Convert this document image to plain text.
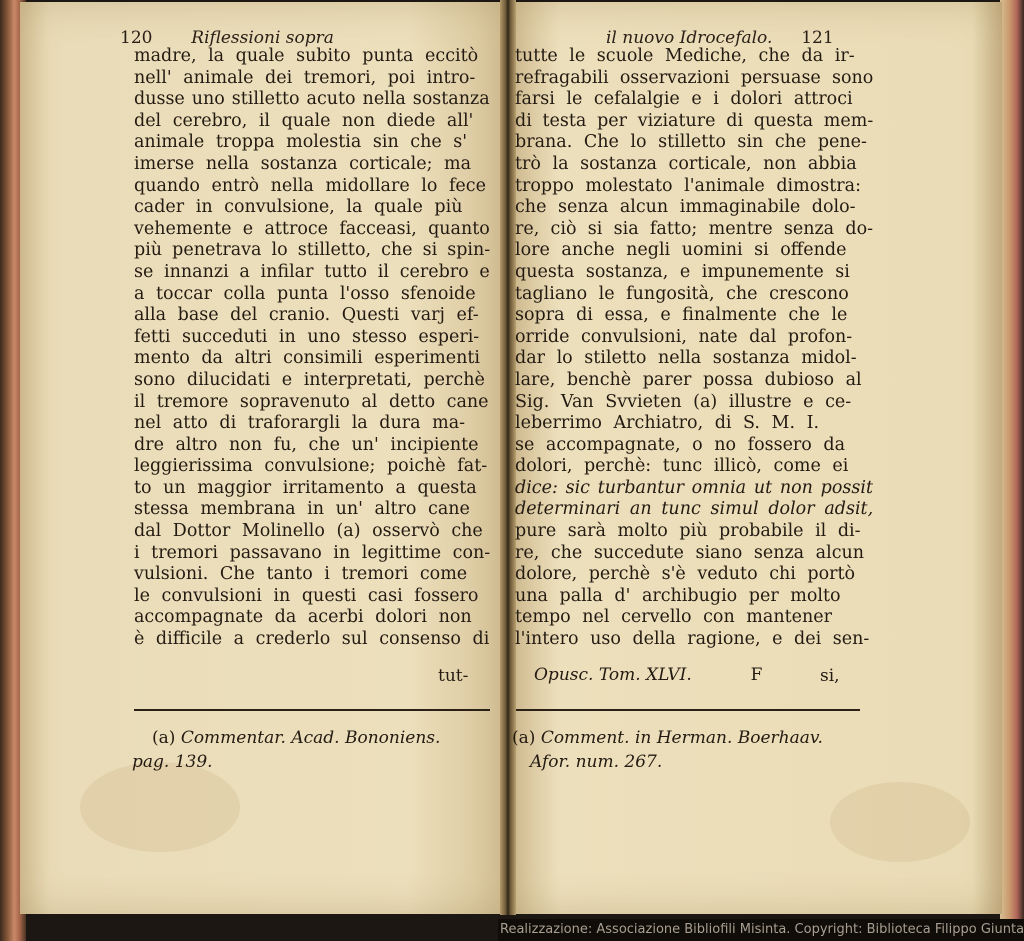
120 Riflessioni sopra
madre, la quale subito punta eccitò
nell' animale dei tremori, poi intro-
dusse uno stilletto acuto nella sostanza
del cerebro, il quale non diede all'
animale troppa molestia sin che s'
imerse nella sostanza corticale; ma
quando entrò nella midollare lo fece
cader in convulsione, la quale più
vehemente e attroce facceasi, quanto
più penetrava lo stilletto, che si spin-
se innanzi a infilar tutto il cerebro e
a toccar colla punta l'osso sfenoide
alla base del cranio. Questi varj ef-
fetti succeduti in uno stesso esperi-
mento da altri consimili esperimenti
sono dilucidati e interpretati, perchè
il tremore sopravenuto al detto cane
nel atto di traforargli la dura ma-
dre altro non fu, che un' incipiente
leggierissima convulsione; poichè fat-
to un maggior irritamento a questa
stessa membrana in un' altro cane
dal Dottor Molinello (a) osservò che
i tremori passavano in legittime con-
vulsioni. Che tanto i tremori come
le convulsioni in questi casi fossero
accompagnate da acerbi dolori non
è difficile a crederlo sul consenso di
tut-
(a) Commentar. Acad. Bononiens.
pag. 139.
il nuovo Idrocefalo. 121
tutte le scuole Mediche, che da ir-
refragabili osservazioni persuase sono
farsi le cefalalgie e i dolori attroci
di testa per viziature di questa mem-
brana. Che lo stilletto sin che pene-
trò la sostanza corticale, non abbia
troppo molestato l'animale dimostra:
che senza alcun immaginabile dolo-
re, ciò si sia fatto; mentre senza do-
lore anche negli uomini si offende
questa sostanza, e impunemente si
tagliano le fungosità, che crescono
sopra di essa, e finalmente che le
orride convulsioni, nate dal profon-
dar lo stiletto nella sostanza midol-
lare, benchè parer possa dubioso al
Sig. Van Svvieten (a) illustre e ce-
leberrimo Archiatro, di S. M. I.
se accompagnate, o no fossero da
dolori, perchè: tunc illicò, come ei
dice: sic turbantur omnia ut non possit
determinari an tunc simul dolor adsit,
pure sarà molto più probabile il di-
re, che succedute siano senza alcun
dolore, perchè s'è veduto chi portò
una palla d' archibugio per molto
tempo nel cervello con mantener
l'intero uso della ragione, e dei sen-
Opusc. Tom. XLVI.	F	si,
(a) Comment. in Herman. Boerhaav.
Afor. num. 267.
Realizzazione: Associazione Bibliofili Misinta. Copyright: Biblioteca Filippo Giunta
